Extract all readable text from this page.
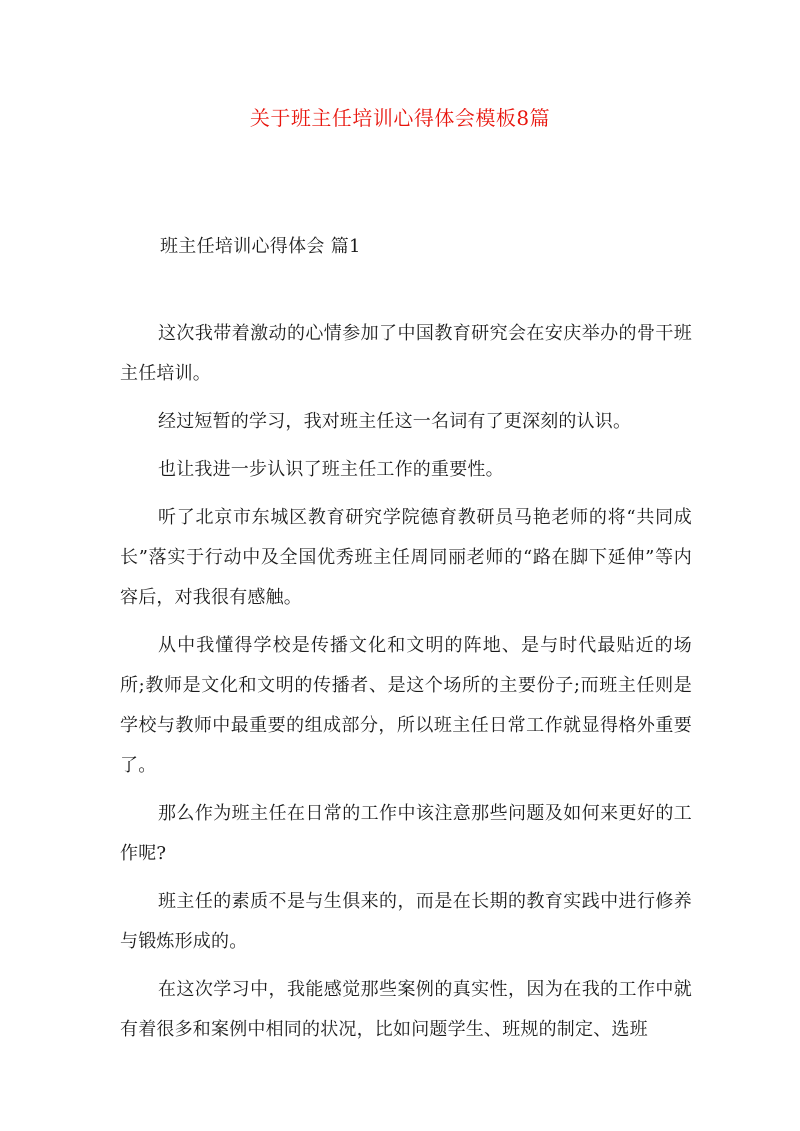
关于班主任培训心得体会模板8篇
班主任培训心得体会 篇1

这次我带着激动的心情参加了中国教育研究会在安庆举办的骨干班主任培训。

经过短暂的学习，我对班主任这一名词有了更深刻的认识。

也让我进一步认识了班主任工作的重要性。

听了北京市东城区教育研究学院德育教研员马艳老师的将“共同成长”落实于行动中及全国优秀班主任周同丽老师的“路在脚下延伸”等内容后，对我很有感触。

从中我懂得学校是传播文化和文明的阵地、是与时代最贴近的场所;教师是文化和文明的传播者、是这个场所的主要份子;而班主任则是学校与教师中最重要的组成部分，所以班主任日常工作就显得格外重要了。

那么作为班主任在日常的工作中该注意那些问题及如何来更好的工作呢?

班主任的素质不是与生俱来的，而是在长期的教育实践中进行修养与锻炼形成的。

在这次学习中，我能感觉那些案例的真实性，因为在我的工作中就有着很多和案例中相同的状况，比如问题学生、班规的制定、选班
